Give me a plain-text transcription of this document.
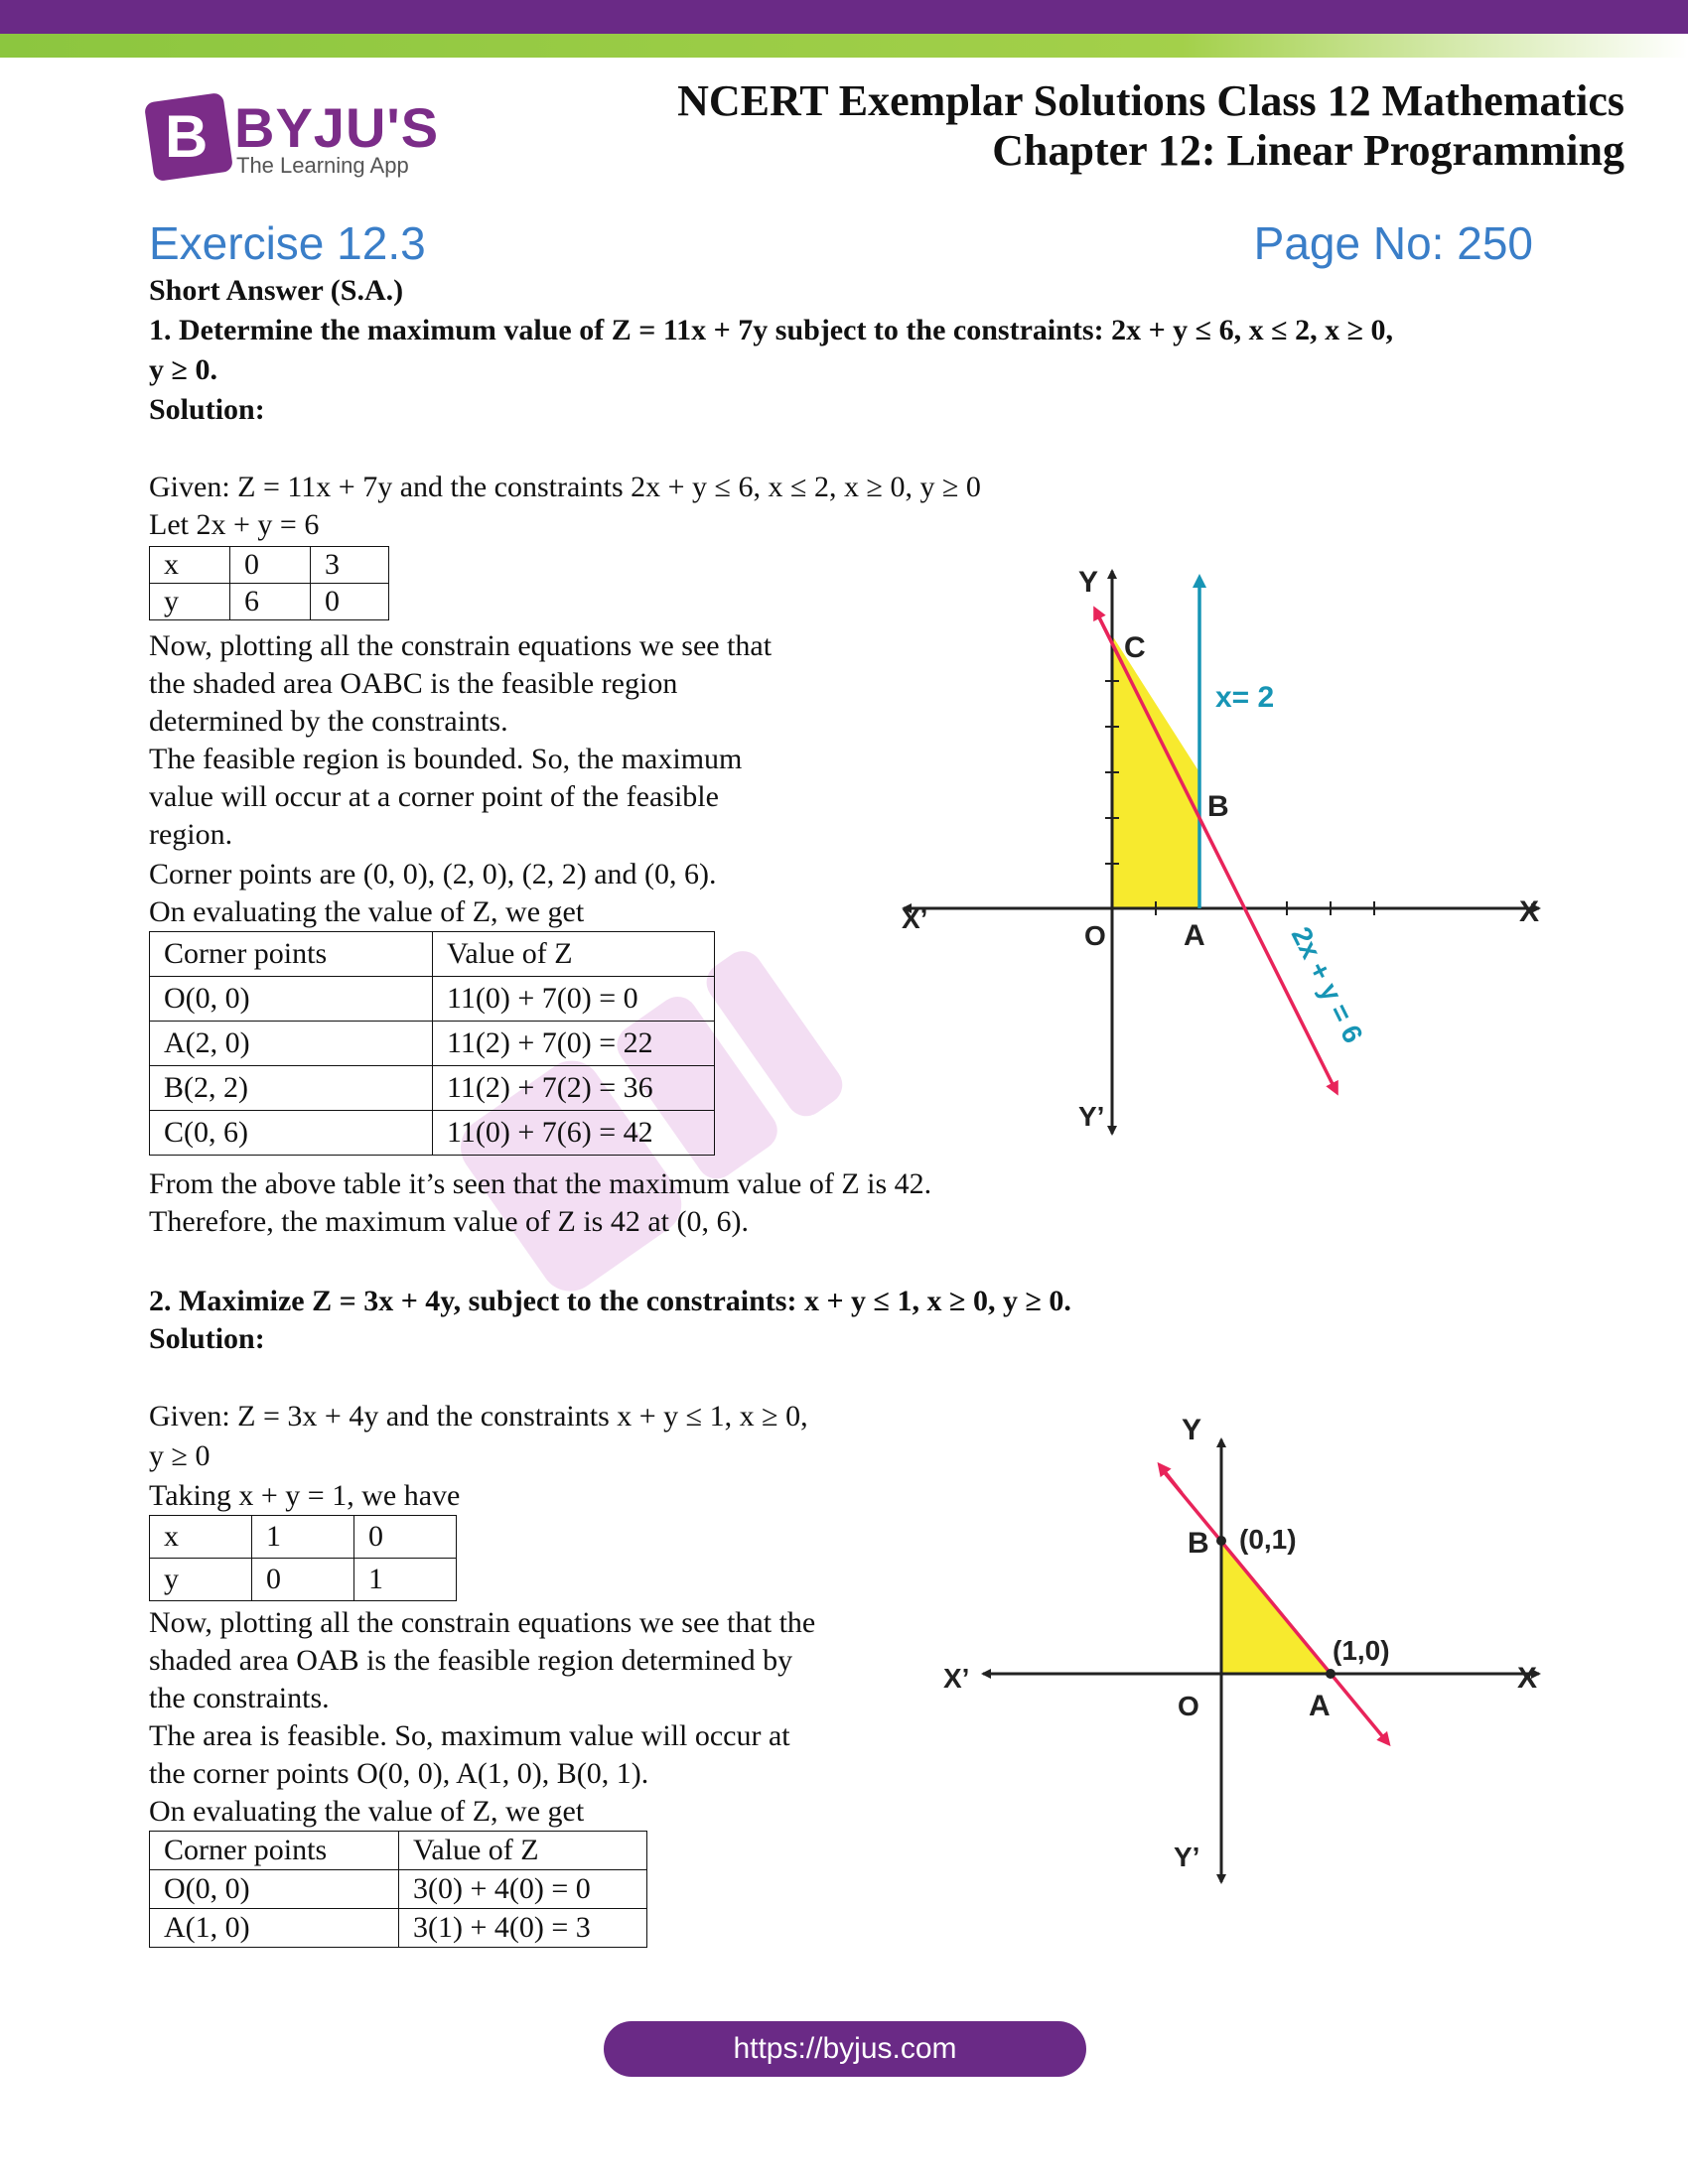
B BYJU'S
The Learning App
NCERT Exemplar Solutions Class 12 Mathematics
Chapter 12: Linear Programming
Exercise 12.3	Page No: 250
Short Answer (S.A.)
1. Determine the maximum value of Z = 11x + 7y subject to the constraints: 2x + y ≤ 6, x ≤ 2, x ≥ 0,
y ≥ 0.
Solution:
Given: Z = 11x + 7y and the constraints 2x + y ≤ 6, x ≤ 2, x ≥ 0, y ≥ 0
Let 2x + y = 6
x	0	3
y	6	0
Now, plotting all the constrain equations we see that
the shaded area OABC is the feasible region
determined by the constraints.
The feasible region is bounded. So, the maximum
value will occur at a corner point of the feasible
region.
Corner points are (0, 0), (2, 0), (2, 2) and (0, 6).
On evaluating the value of Z, we get
Corner points	Value of Z
O(0, 0)	11(0) + 7(0) = 0
A(2, 0)	11(2) + 7(0) = 22
B(2, 2)	11(2) + 7(2) = 36
C(0, 6)	11(0) + 7(6) = 42
From the above table it’s seen that the maximum value of Z is 42.
Therefore, the maximum value of Z is 42 at (0, 6).
Y
Y’
X
X’
O	A
B
C
x= 2
2x + y = 6
2. Maximize Z = 3x + 4y, subject to the constraints: x + y ≤ 1, x ≥ 0, y ≥ 0.
Solution:
Given: Z = 3x + 4y and the constraints x + y ≤ 1, x ≥ 0,
y ≥ 0
Taking x + y = 1, we have
x	1	0
y	0	1
Now, plotting all the constrain equations we see that the
shaded area OAB is the feasible region determined by
the constraints.
The area is feasible. So, maximum value will occur at
the corner points O(0, 0), A(1, 0), B(0, 1).
On evaluating the value of Z, we get
Corner points	Value of Z
O(0, 0)	3(0) + 4(0) = 0
A(1, 0)	3(1) + 4(0) = 3
Y
Y’
X
X’
O	A
B (0,1)
(1,0)
https://byjus.com
